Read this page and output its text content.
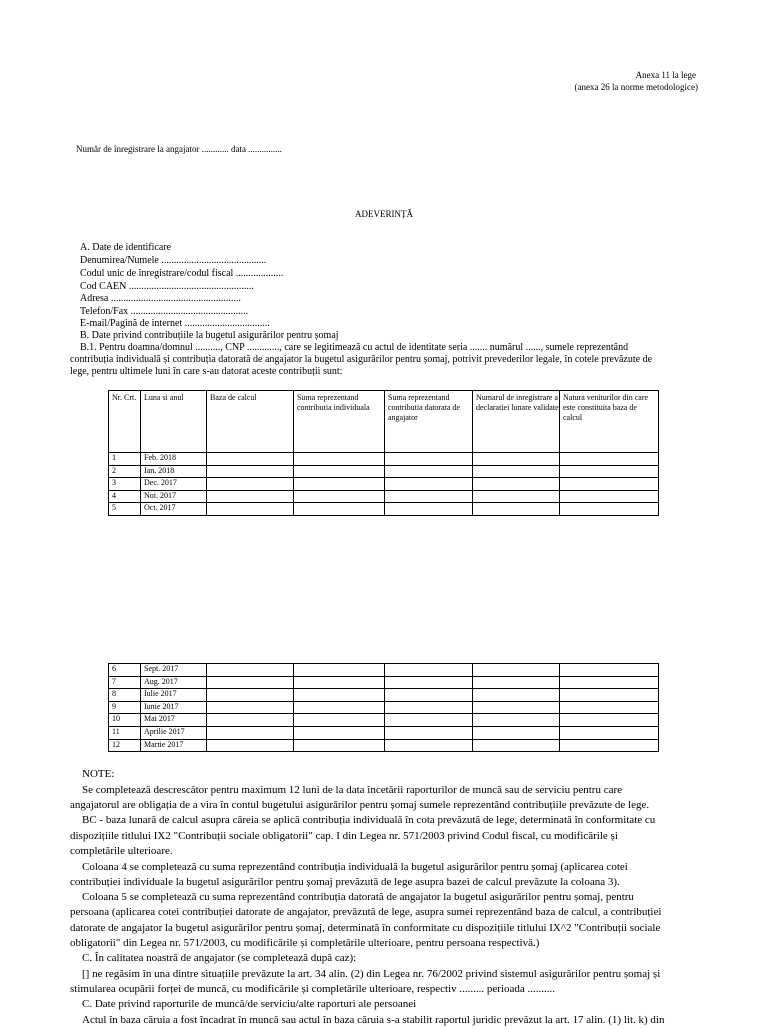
Anexa 11 la lege
(anexa 26 la norme metodologice)
Număr de înregistrare la angajator ............ data ...............
ADEVERINȚĂ
A. Date de identificare
Denumirea/Numele ..........................................
Codul unic de înregistrare/codul fiscal ...................
Cod CAEN ..................................................
Adresa ....................................................
Telefon/Fax ...............................................
E-mail/Pagină de internet ..................................
B. Date privind contribuțiile la bugetul asigurărilor pentru șomaj
B.1. Pentru doamna/domnul .........., CNP ............., care se legitimează cu actul de identitate seria ....... numărul ......, sumele reprezentând
contribuția individuală și contribuția datorată de angajator la bugetul asigurărilor pentru șomaj, potrivit prevederilor legale, în cotele prevăzute de
lege, pentru ultimele luni în care s-au datorat aceste contribuții sunt:
Nr. Crt.	Luna si anul	Baza de calcul	Suma reprezentand contributia individuala	Suma reprezentand contributia datorata de angajator	Numarul de inregistrare a declaratiei lunare validate	Natura veniturilor din care este constituita baza de calcul
1	Feb. 2018					
2	Ian. 2018					
3	Dec. 2017					
4	Noi. 2017					
5	Oct. 2017					
6	Sept. 2017					
7	Aug. 2017					
8	Iulie 2017					
9	Iunie 2017					
10	Mai 2017					
11	Aprilie 2017					
12	Martie 2017					
NOTE:
Se completează descrescător pentru maximum 12 luni de la data încetării raporturilor de muncă sau de serviciu pentru care
angajatorul are obligația de a vira în contul bugetului asigurărilor pentru șomaj sumele reprezentând contribuțiile prevăzute de lege.
BC - baza lunară de calcul asupra căreia se aplică contribuția individuală în cota prevăzută de lege, determinată în conformitate cu
dispozițiile titlului IX2 "Contribuții sociale obligatorii" cap. I din Legea nr. 571/2003 privind Codul fiscal, cu modificările și
completările ulterioare.
Coloana 4 se completează cu suma reprezentând contribuția individuală la bugetul asigurărilor pentru șomaj (aplicarea cotei
contribuției individuale la bugetul asigurărilor pentru șomaj prevăzută de lege asupra bazei de calcul prevăzute la coloana 3).
Coloana 5 se completează cu suma reprezentând contribuția datorată de angajator la bugetul asigurărilor pentru șomaj, pentru
persoana (aplicarea cotei contribuției datorate de angajator, prevăzută de lege, asupra sumei reprezentând baza de calcul, a contribuției
datorate de angajator la bugetul asigurărilor pentru șomaj, determinată în conformitate cu dispozițiile titlului IX^2 "Contribuții sociale
obligatorii" din Legea nr. 571/2003, cu modificările și completările ulterioare, pentru persoana respectivă.)
C. În calitatea noastră de angajator (se completează după caz):
[] ne regăsim în una dintre situațiile prevăzute la art. 34 alin. (2) din Legea nr. 76/2002 privind sistemul asigurărilor pentru șomaj și
stimularea ocupării forței de muncă, cu modificările și completările ulterioare, respectiv ......... perioada ..........
C. Date privind raporturile de muncă/de serviciu/alte raporturi ale persoanei
Actul în baza căruia a fost încadrat în muncă sau actul în baza căruia s-a stabilit raportul juridic prevăzut la art. 17 alin. (1) lit. k) din
